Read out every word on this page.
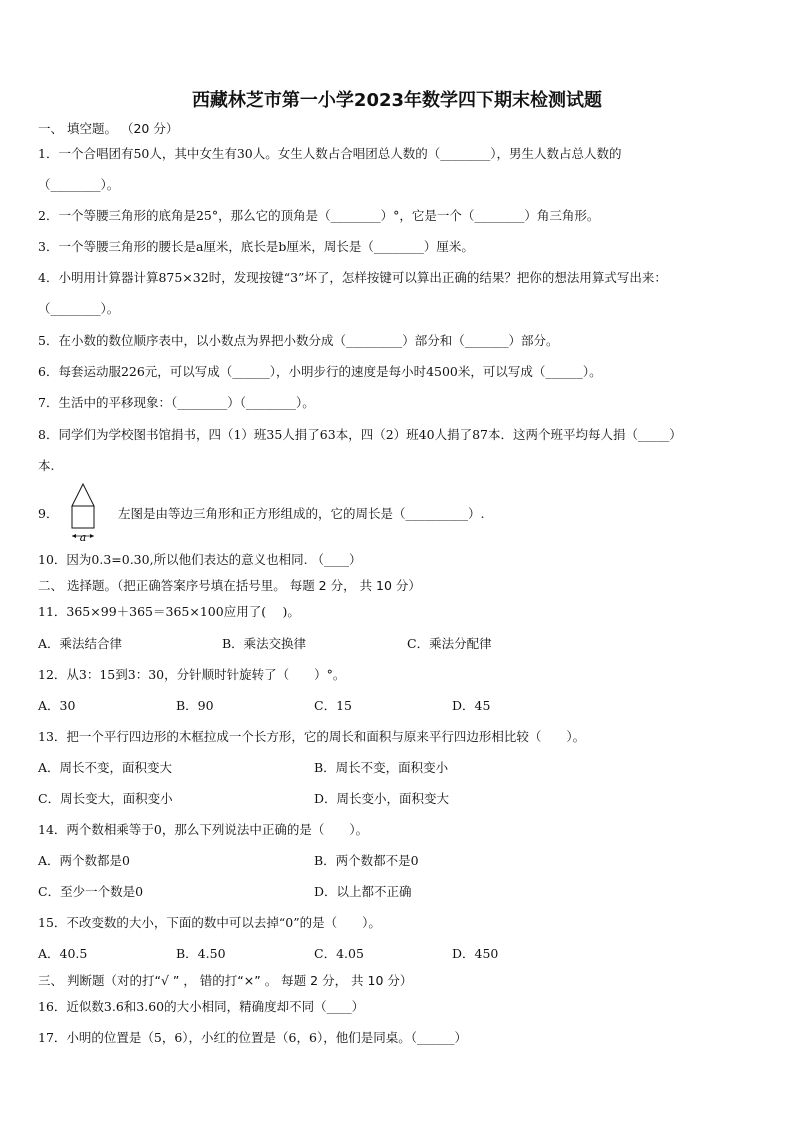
西藏林芝市第一小学2023年数学四下期末检测试题
一、 填空题。 （20 分）
1．一个合唱团有50人，其中女生有30人。女生人数占合唱团总人数的（________），男生人数占总人数的
（________）。
2．一个等腰三角形的底角是25°，那么它的顶角是（________）°，它是一个（________）角三角形。
3．一个等腰三角形的腰长是a厘米，底长是b厘米，周长是（________）厘米。
4．小明用计算器计算875×32时，发现按键“3”坏了，怎样按键可以算出正确的结果？把你的想法用算式写出来：
（________）。
5．在小数的数位顺序表中，以小数点为界把小数分成（_________）部分和（_______）部分。
6．每套运动服226元，可以写成（______），小明步行的速度是每小时4500米，可以写成（______）。
7．生活中的平移现象：（________）（________）。
8．同学们为学校图书馆捐书，四（1）班35人捐了63本，四（2）班40人捐了87本．这两个班平均每人捐（_____）
本.
9．
a
左图是由等边三角形和正方形组成的，它的周长是（__________）.
10．因为0.3=0.30,所以他们表达的意义也相同. （____）
二、 选择题。（把正确答案序号填在括号里。 每题 2 分， 共 10 分）
11．365×99＋365＝365×100应用了(　 )。
A．乘法结合律	B．乘法交换律	C．乘法分配律
12．从3：15到3：30，分针顺时针旋转了（　　）°。
A．30	B．90	C．15	D．45
13．把一个平行四边形的木框拉成一个长方形，它的周长和面积与原来平行四边形相比较（　　）。
A．周长不变，面积变大	B．周长不变，面积变小
C．周长变大，面积变小	D．周长变小，面积变大
14．两个数相乘等于0，那么下列说法中正确的是（　　）。
A．两个数都是0	B．两个数都不是0
C．至少一个数是0	D．以上都不正确
15．不改变数的大小，下面的数中可以去掉“0”的是（　　）。
A．40.5	B．4.50	C．4.05	D．450
三、 判断题（对的打“√ ” ， 错的打“×” 。 每题 2 分， 共 10 分）
16．近似数3.6和3.60的大小相同，精确度却不同（____）
17．小明的位置是（5，6），小红的位置是（6，6），他们是同桌。（______）
